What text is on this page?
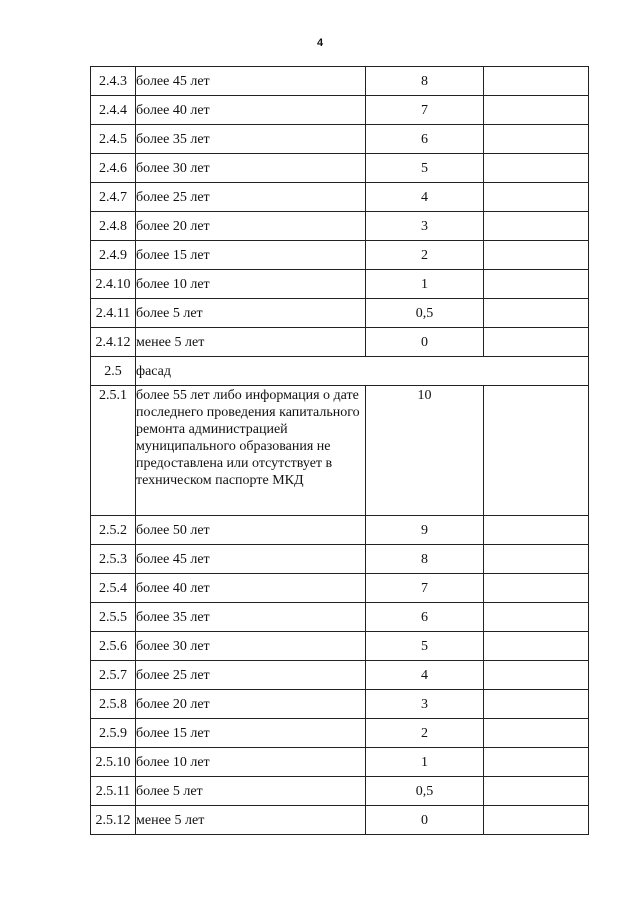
4
2.4.3	более 45 лет	8	
2.4.4	более 40 лет	7	
2.4.5	более 35 лет	6	
2.4.6	более 30 лет	5	
2.4.7	более 25 лет	4	
2.4.8	более 20 лет	3	
2.4.9	более 15 лет	2	
2.4.10	более 10 лет	1	
2.4.11	более 5 лет	0,5	
2.4.12	менее 5 лет	0	
2.5	фасад		
2.5.1	более 55 лет либо информация о дате последнего проведения капитального ремонта администрацией муниципального образования не предоставлена или отсутствует в техническом паспорте МКД	10	
2.5.2	более 50 лет	9	
2.5.3	более 45 лет	8	
2.5.4	более 40 лет	7	
2.5.5	более 35 лет	6	
2.5.6	более 30 лет	5	
2.5.7	более 25 лет	4	
2.5.8	более 20 лет	3	
2.5.9	более 15 лет	2	
2.5.10	более 10 лет	1	
2.5.11	более 5 лет	0,5	
2.5.12	менее 5 лет	0	
